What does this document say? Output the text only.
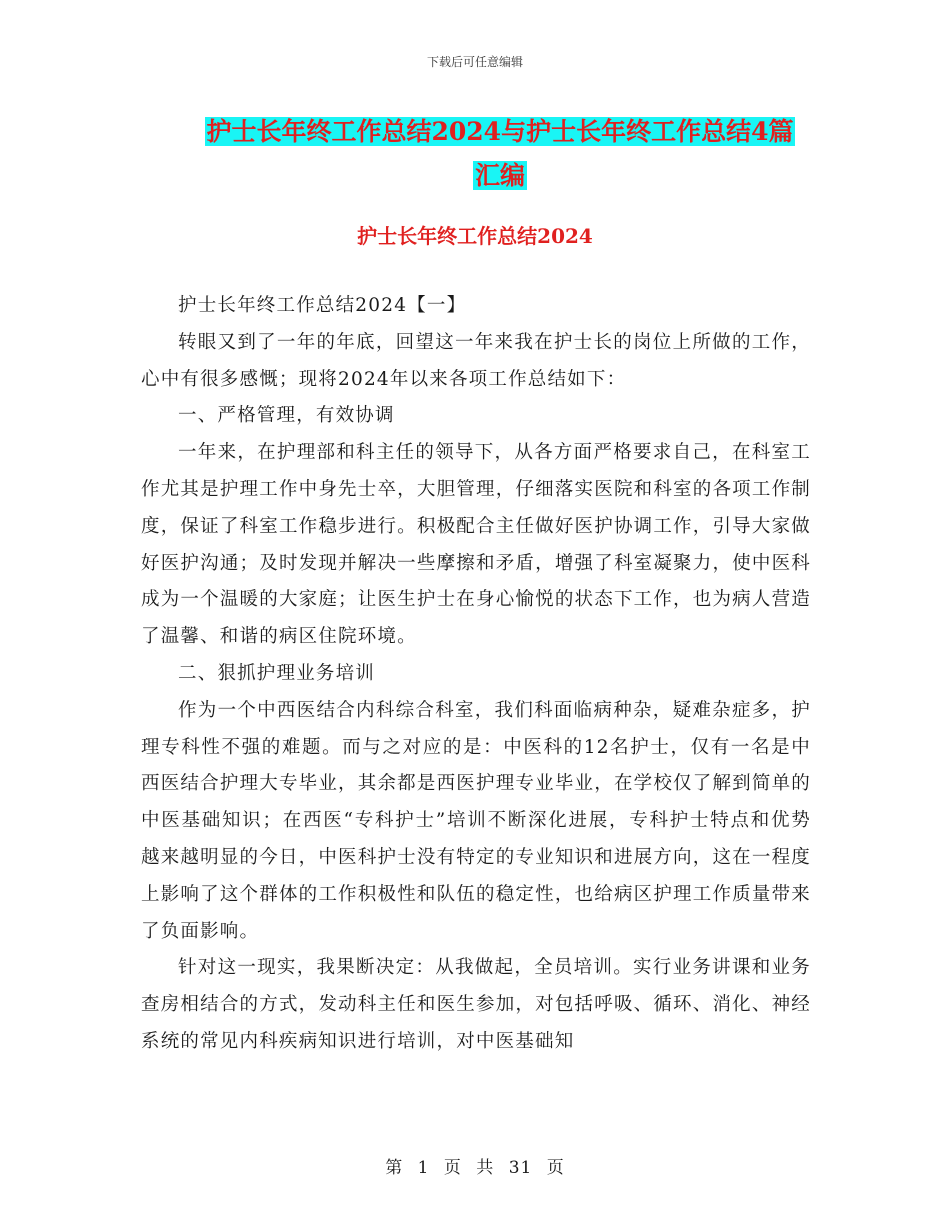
下载后可任意编辑
护士长年终工作总结2024与护士长年终工作总结4篇
汇编
护士长年终工作总结2024

护士长年终工作总结2024【一】

转眼又到了一年的年底，回望这一年来我在护士长的岗位上所做的工作，心中有很多感慨；现将2024年以来各项工作总结如下：

一、严格管理，有效协调

一年来，在护理部和科主任的领导下，从各方面严格要求自己，在科室工作尤其是护理工作中身先士卒，大胆管理，仔细落实医院和科室的各项工作制度，保证了科室工作稳步进行。积极配合主任做好医护协调工作，引导大家做好医护沟通；及时发现并解决一些摩擦和矛盾，增强了科室凝聚力，使中医科成为一个温暖的大家庭；让医生护士在身心愉悦的状态下工作，也为病人营造了温馨、和谐的病区住院环境。

二、狠抓护理业务培训

作为一个中西医结合内科综合科室，我们科面临病种杂，疑难杂症多，护理专科性不强的难题。而与之对应的是：中医科的12名护士，仅有一名是中西医结合护理大专毕业，其余都是西医护理专业毕业，在学校仅了解到简单的中医基础知识；在西医“专科护士”培训不断深化进展，专科护士特点和优势越来越明显的今日，中医科护士没有特定的专业知识和进展方向，这在一程度上影响了这个群体的工作积极性和队伍的稳定性，也给病区护理工作质量带来了负面影响。

针对这一现实，我果断决定：从我做起，全员培训。实行业务讲课和业务查房相结合的方式，发动科主任和医生参加，对包括呼吸、循环、消化、神经系统的常见内科疾病知识进行培训，对中医基础知

第 1 页 共 31 页
